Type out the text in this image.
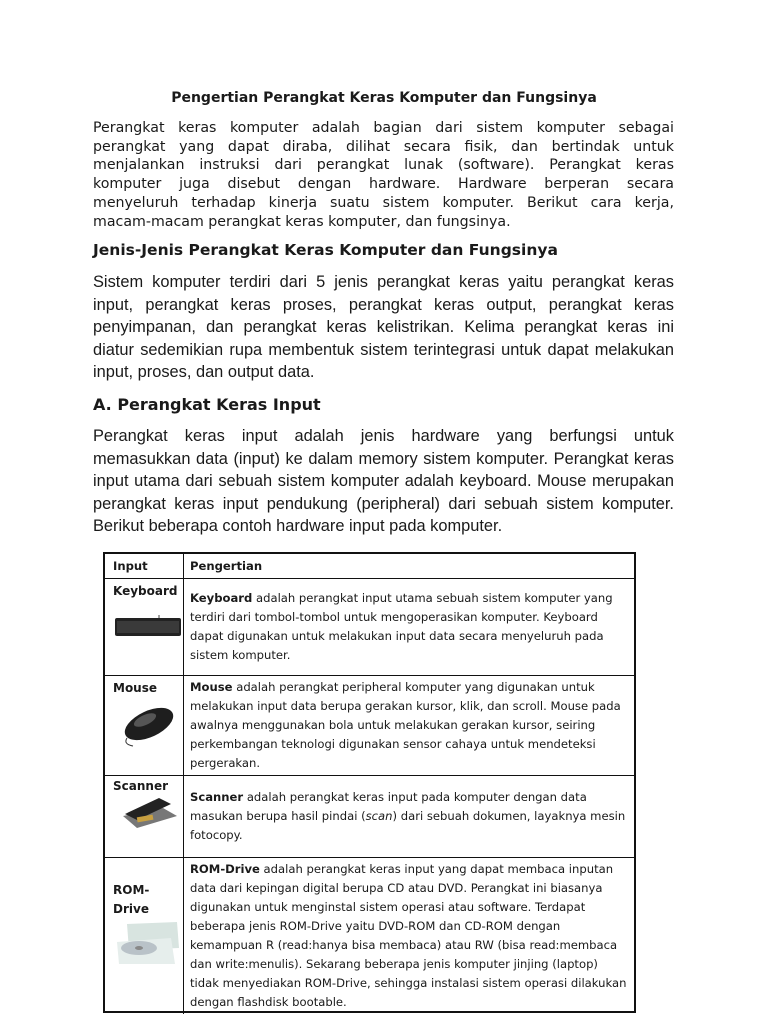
Pengertian Perangkat Keras Komputer dan Fungsinya
Perangkat keras komputer adalah bagian dari sistem komputer sebagai
perangkat yang dapat diraba, dilihat secara fisik, dan bertindak untuk
menjalankan instruksi dari perangkat lunak (software). Perangkat keras
komputer juga disebut dengan hardware. Hardware berperan secara
menyeluruh terhadap kinerja suatu sistem komputer. Berikut cara kerja,
macam-macam perangkat keras komputer, dan fungsinya.
Jenis-Jenis Perangkat Keras Komputer dan Fungsinya
Sistem komputer terdiri dari 5 jenis perangkat keras yaitu perangkat keras
input, perangkat keras proses, perangkat keras output, perangkat keras
penyimpanan, dan perangkat keras kelistrikan. Kelima perangkat keras ini
diatur sedemikian rupa membentuk sistem terintegrasi untuk dapat melakukan
input, proses, dan output data.
A. Perangkat Keras Input
Perangkat keras input adalah jenis hardware yang berfungsi untuk
memasukkan data (input) ke dalam memory sistem komputer. Perangkat keras
input utama dari sebuah sistem komputer adalah keyboard. Mouse merupakan
perangkat keras input pendukung (peripheral) dari sebuah sistem komputer.
Berikut beberapa contoh hardware input pada komputer.
Input	Pengertian
Keyboard Keyboard adalah perangkat input utama sebuah sistem komputer yang
terdiri dari tombol-tombol untuk mengoperasikan komputer. Keyboard
dapat digunakan untuk melakukan input data secara menyeluruh pada
sistem komputer.
Mouse	Mouse adalah perangkat peripheral komputer yang digunakan untuk
melakukan input data berupa gerakan kursor, klik, dan scroll. Mouse pada
awalnya menggunakan bola untuk melakukan gerakan kursor, seiring
perkembangan teknologi digunakan sensor cahaya untuk mendeteksi
pergerakan.
Scanner
Scanner adalah perangkat keras input pada komputer dengan data
masukan berupa hasil pindai (scan) dari sebuah dokumen, layaknya mesin
fotocopy.
ROM-
Drive
ROM-Drive adalah perangkat keras input yang dapat membaca inputan
data dari kepingan digital berupa CD atau DVD. Perangkat ini biasanya
digunakan untuk menginstal sistem operasi atau software. Terdapat
beberapa jenis ROM-Drive yaitu DVD-ROM dan CD-ROM dengan
kemampuan R (read:hanya bisa membaca) atau RW (bisa read:membaca
dan write:menulis). Sekarang beberapa jenis komputer jinjing (laptop)
tidak menyediakan ROM-Drive, sehingga instalasi sistem operasi dilakukan
dengan flashdisk bootable.
